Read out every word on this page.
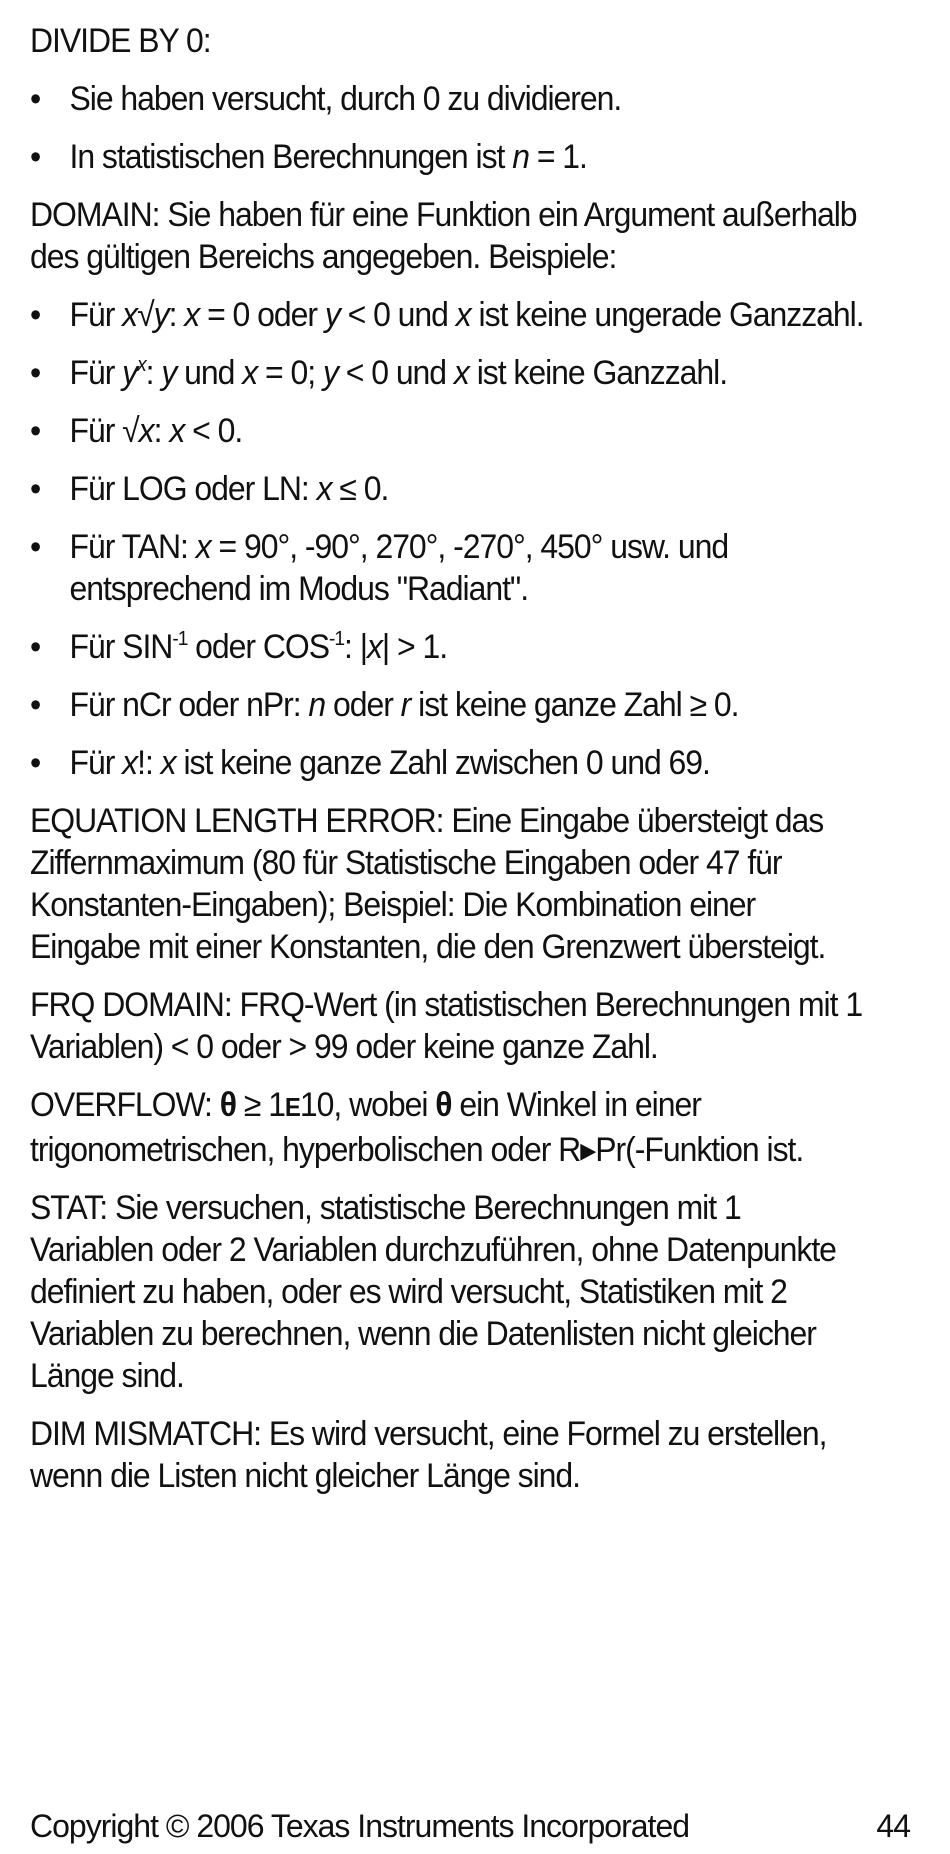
DIVIDE BY 0:

• Sie haben versucht, durch 0 zu dividieren.
• In statistischen Berechnungen ist n = 1.

DOMAIN: Sie haben für eine Funktion ein Argument außerhalb des gültigen Bereichs angegeben. Beispiele:

• Für x√y: x = 0 oder y < 0 und x ist keine ungerade Ganzzahl.
• Für $y^x$: y und x = 0; y < 0 und x ist keine Ganzzahl.
• Für √x: x < 0.
• Für LOG oder LN: x ≤ 0.
• Für TAN: x = 90°, -90°, 270°, -270°, 450° usw. und entsprechend im Modus "Radiant".
• Für $SIN^{-1}$ oder $COS^{-1}$: |x| > 1.
• Für nCr oder nPr: n oder r ist keine ganze Zahl ≥ 0.
• Für x!: x ist keine ganze Zahl zwischen 0 und 69.

EQUATION LENGTH ERROR: Eine Eingabe übersteigt das Ziffernmaximum (80 für Statistische Eingaben oder 47 für Konstanten-Eingaben); Beispiel: Die Kombination einer Eingabe mit einer Konstanten, die den Grenzwert übersteigt.

FRQ DOMAIN: FRQ-Wert (in statistischen Berechnungen mit 1 Variablen) < 0 oder > 99 oder keine ganze Zahl.

OVERFLOW: θ ≥ 1E10, wobei θ ein Winkel in einer trigonometrischen, hyperbolischen oder R▸Pr(-Funktion ist.

STAT: Sie versuchen, statistische Berechnungen mit 1 Variablen oder 2 Variablen durchzuführen, ohne Datenpunkte definiert zu haben, oder es wird versucht, Statistiken mit 2 Variablen zu berechnen, wenn die Datenlisten nicht gleicher Länge sind.

DIM MISMATCH: Es wird versucht, eine Formel zu erstellen, wenn die Listen nicht gleicher Länge sind.

Copyright © 2006 Texas Instruments Incorporated	44
